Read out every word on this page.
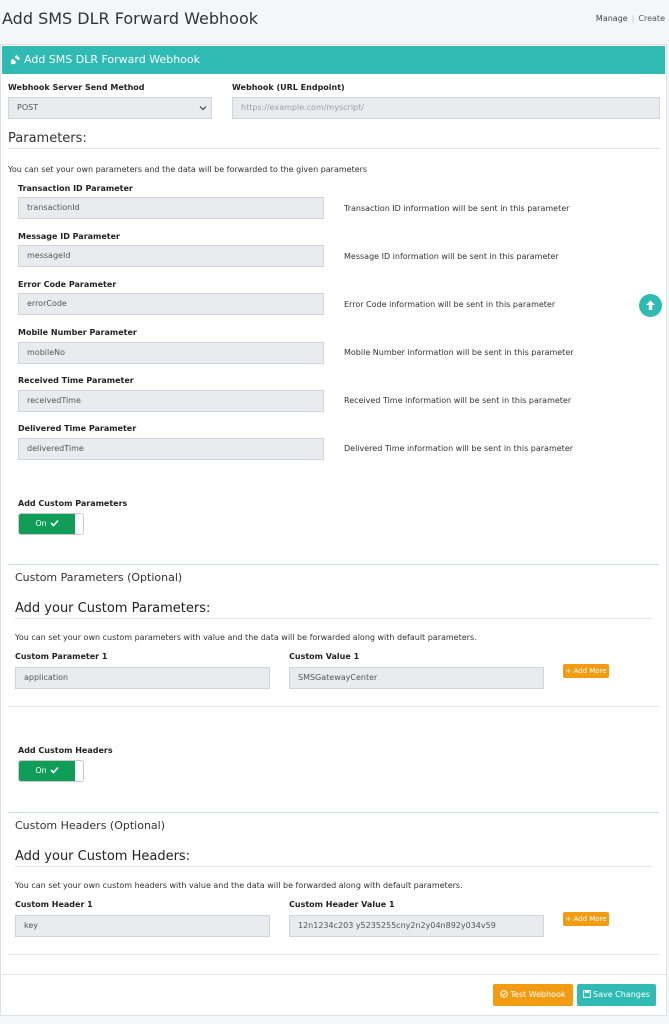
Add SMS DLR Forward Webhook	Manage | Create
Add SMS DLR Forward Webhook
Webhook Server Send Method
POST
Webhook (URL Endpoint)
https://example.com/myscript/
Parameters:
You can set your own parameters and the data will be forwarded to the given parameters
Transaction ID Parameter
transactionId	Transaction ID information will be sent in this parameter
Message ID Parameter
messageId	Message ID information will be sent in this parameter
Error Code Parameter
errorCode	Error Code information will be sent in this parameter
Mobile Number Parameter
mobileNo	Mobile Number information will be sent in this parameter
Received Time Parameter
receivedTime	Received Time information will be sent in this parameter
Delivered Time Parameter
deliveredTime	Delivered Time information will be sent in this parameter
Add Custom Parameters
On
Custom Parameters (Optional)
Add your Custom Parameters:
You can set your own custom parameters with value and the data will be forwarded along with default parameters.
Custom Parameter 1
application
Custom Value 1
SMSGatewayCenter
+ Add More
Add Custom Headers
On
Custom Headers (Optional)
Add your Custom Headers:
You can set your own custom headers with value and the data will be forwarded along with default parameters.
Custom Header 1
key
Custom Header Value 1
12n1234c203 y5235255cny2n2y04n892y034v59
+ Add More
Test Webhook	Save Changes
